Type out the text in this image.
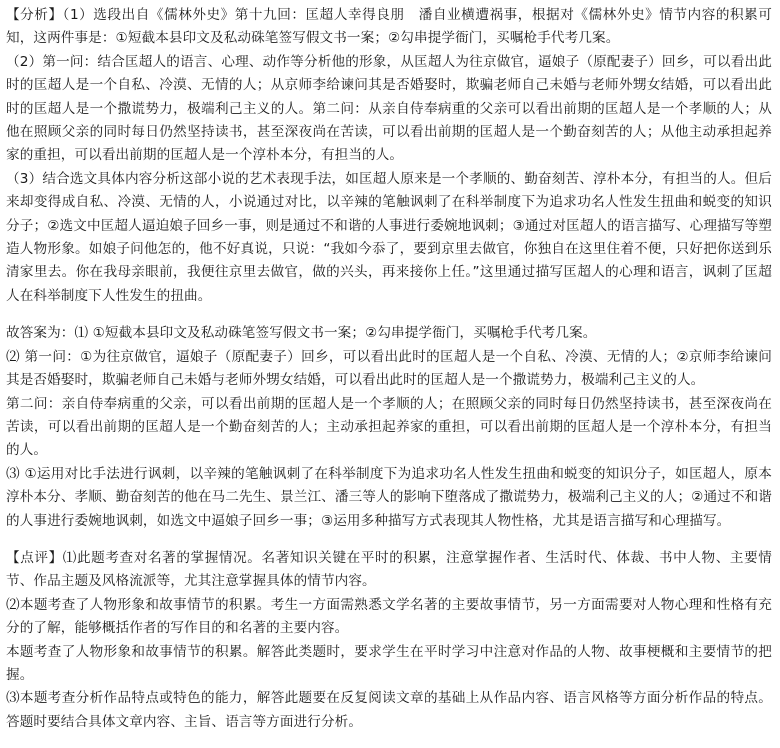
【分析】（1）选段出自《儒林外史》第十九回：匡超人幸得良朋　潘自业横遭祸事，根据对《儒林外史》情节内容的积累可知，这两件事是：①短截本县印文及私动硃笔签写假文书一案；②勾串提学衙门，买嘱枪手代考几案。

（2）第一问：结合匡超人的语言、心理、动作等分析他的形象，从匡超人为往京做官，逼娘子（原配妻子）回乡，可以看出此时的匡超人是一个自私、冷漠、无情的人；从京师李给谏问其是否婚娶时，欺骗老师自己未婚与老师外甥女结婚，可以看出此时的匡超人是一个撒谎势力，极端利己主义的人。第二问：从亲自侍奉病重的父亲可以看出前期的匡超人是一个孝顺的人；从他在照顾父亲的同时每日仍然坚持读书，甚至深夜尚在苦读，可以看出前期的匡超人是一个勤奋刻苦的人；从他主动承担起养家的重担，可以看出前期的匡超人是一个淳朴本分，有担当的人。

（3）结合选文具体内容分析这部小说的艺术表现手法，如匡超人原来是一个孝顺的、勤奋刻苦、淳朴本分，有担当的人。但后来却变得成自私、冷漠、无情的人，小说通过对比，以辛辣的笔触讽刺了在科举制度下为追求功名人性发生扭曲和蜕变的知识分子；②选文中匡超人逼迫娘子回乡一事，则是通过不和谐的人事进行委婉地讽刺；③通过对匡超人的语言描写、心理描写等塑造人物形象。如娘子问他怎的，他不好真说，只说：“我如今忝了，要到京里去做官，你独自在这里住着不便，只好把你送到乐清家里去。你在我母亲眼前，我便往京里去做官，做的兴头，再来接你上任。”这里通过描写匡超人的心理和语言，讽刺了匡超人在科举制度下人性发生的扭曲。

故答案为：⑴ ①短截本县印文及私动硃笔签写假文书一案；②勾串提学衙门，买嘱枪手代考几案。

⑵ 第一问：①为往京做官，逼娘子（原配妻子）回乡，可以看出此时的匡超人是一个自私、冷漠、无情的人；②京师李给谏问其是否婚娶时，欺骗老师自己未婚与老师外甥女结婚，可以看出此时的匡超人是一个撒谎势力，极端利己主义的人。

第二问：亲自侍奉病重的父亲，可以看出前期的匡超人是一个孝顺的人；在照顾父亲的同时每日仍然坚持读书，甚至深夜尚在苦读，可以看出前期的匡超人是一个勤奋刻苦的人；主动承担起养家的重担，可以看出前期的匡超人是一个淳朴本分，有担当的人。

⑶ ①运用对比手法进行讽刺，以辛辣的笔触讽刺了在科举制度下为追求功名人性发生扭曲和蜕变的知识分子，如匡超人，原本淳朴本分、孝顺、勤奋刻苦的他在马二先生、景兰江、潘三等人的影响下堕落成了撒谎势力，极端利己主义的人；②通过不和谐的人事进行委婉地讽刺，如选文中逼娘子回乡一事；③运用多种描写方式表现其人物性格，尤其是语言描写和心理描写。

【点评】⑴此题考查对名著的掌握情况。名著知识关键在平时的积累，注意掌握作者、生活时代、体裁、书中人物、主要情节、作品主题及风格流派等，尤其注意掌握具体的情节内容。

⑵本题考查了人物形象和故事情节的积累。考生一方面需熟悉文学名著的主要故事情节，另一方面需要对人物心理和性格有充分的了解，能够概括作者的写作目的和名著的主要内容。

本题考查了人物形象和故事情节的积累。解答此类题时，要求学生在平时学习中注意对作品的人物、故事梗概和主要情节的把握。

⑶本题考查分析作品特点或特色的能力，解答此题要在反复阅读文章的基础上从作品内容、语言风格等方面分析作品的特点。答题时要结合具体文章内容、主旨、语言等方面进行分析。
